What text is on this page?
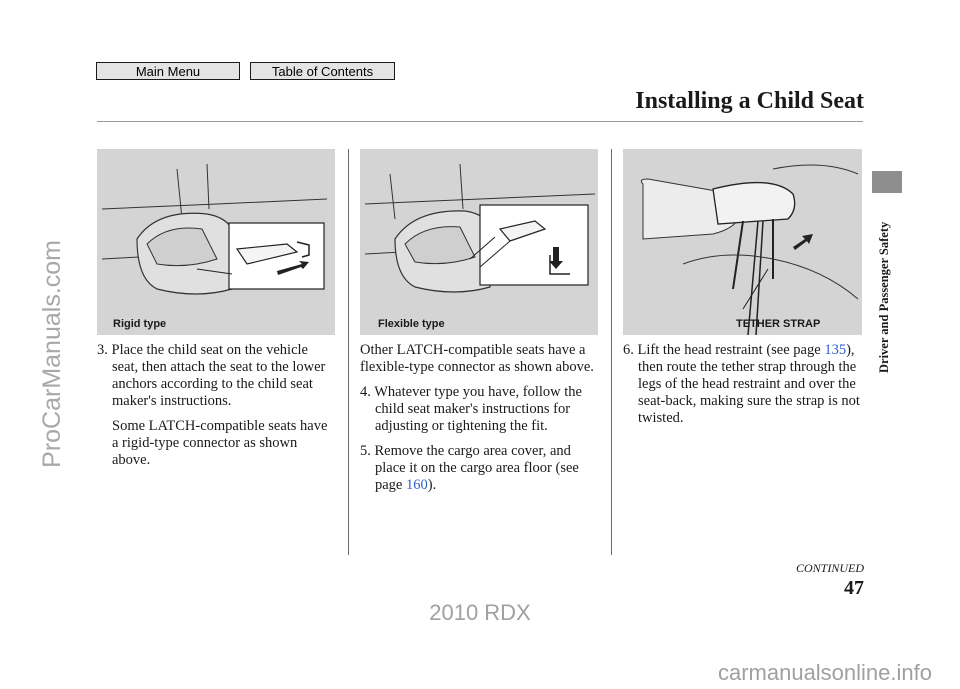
Main Menu	Table of Contents
Installing a Child Seat
Rigid type	Flexible type	TETHER STRAP

3. Place the child seat on the vehicle seat, then attach the seat to the lower anchors according to the child seat maker's instructions.

Some LATCH-compatible seats have a rigid-type connector as shown above.

Other LATCH-compatible seats have a flexible-type connector as shown above.

4. Whatever type you have, follow the child seat maker's instructions for adjusting or tightening the fit.

5. Remove the cargo area cover, and place it on the cargo area floor (see page 160).

6. Lift the head restraint (see page 135), then route the tether strap through the legs of the head restraint and over the seat-back, making sure the strap is not twisted.

Driver and Passenger Safety
ProCarManuals.com
CONTINUED
47
2010 RDX
carmanualsonline.info
